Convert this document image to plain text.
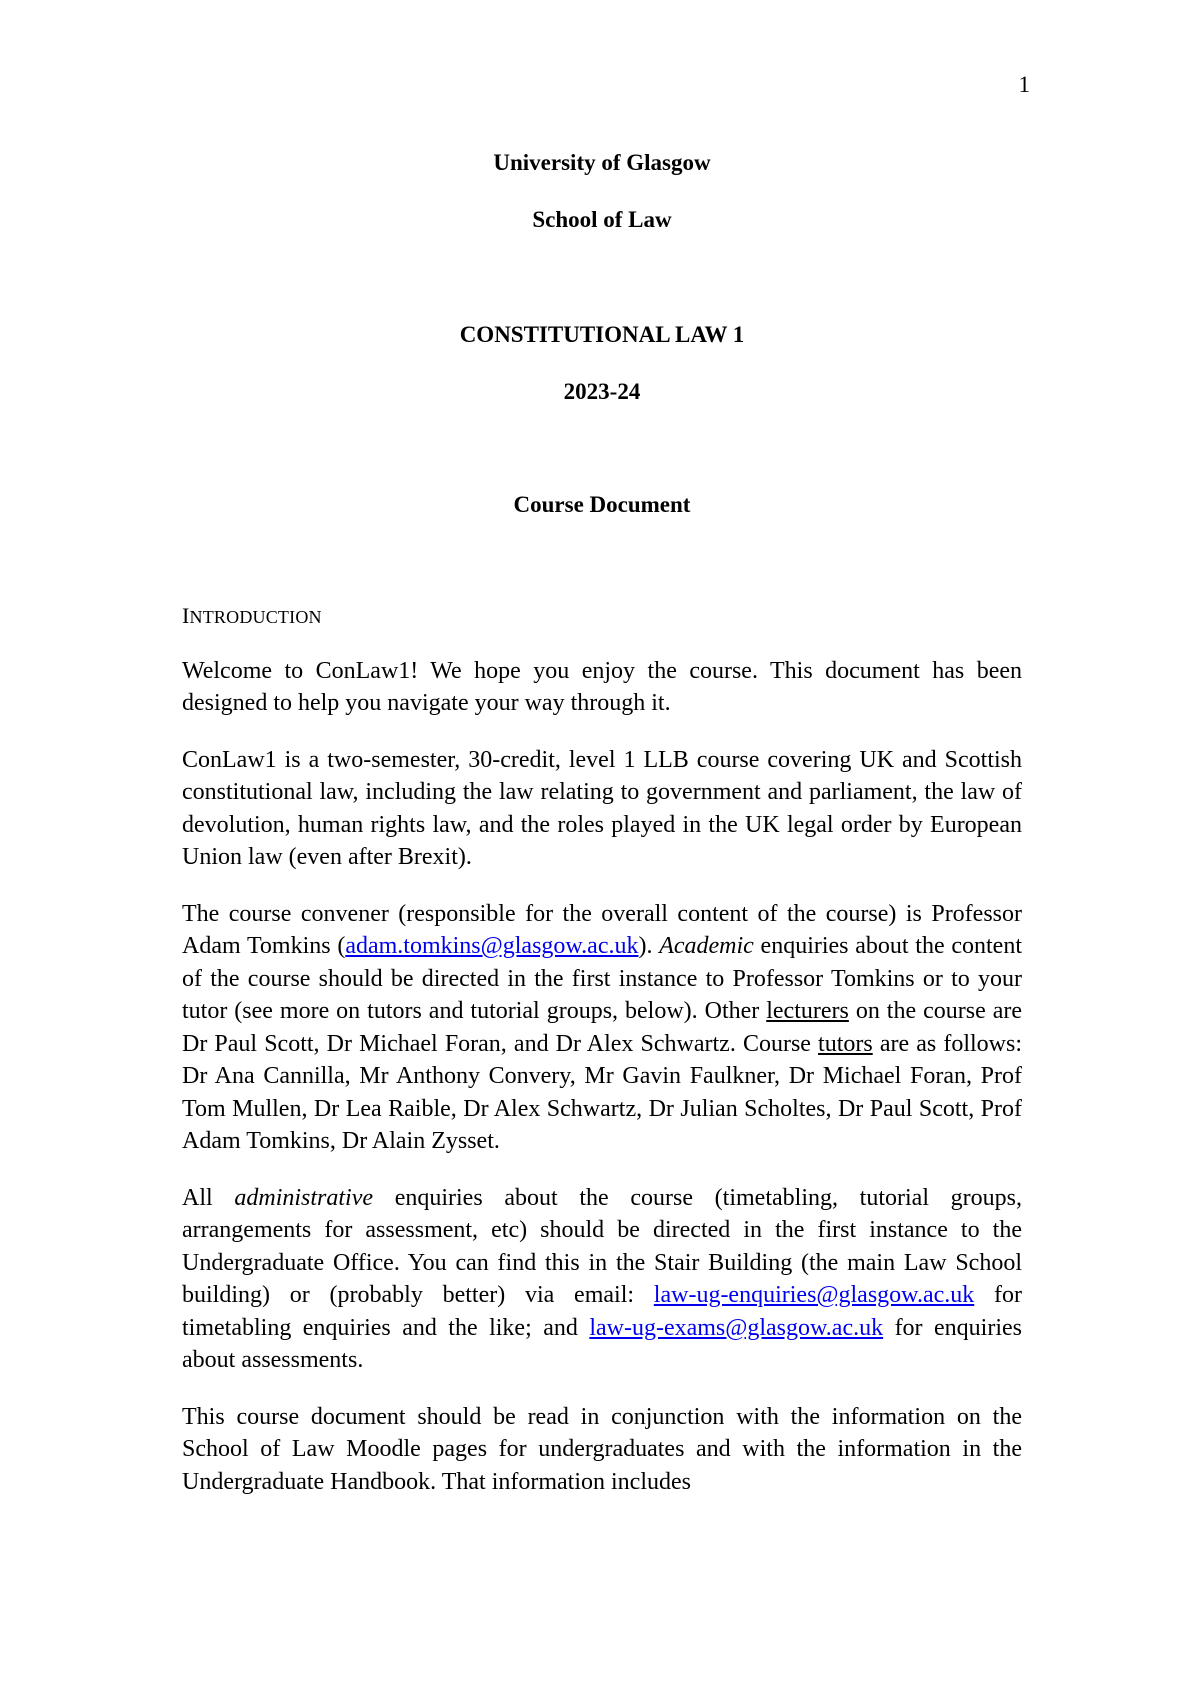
1
University of Glasgow
School of Law
CONSTITUTIONAL LAW 1
2023-24
Course Document
INTRODUCTION

Welcome to ConLaw1! We hope you enjoy the course. This document has been designed to help you navigate your way through it.

ConLaw1 is a two-semester, 30-credit, level 1 LLB course covering UK and Scottish constitutional law, including the law relating to government and parliament, the law of devolution, human rights law, and the roles played in the UK legal order by European Union law (even after Brexit).

The course convener (responsible for the overall content of the course) is Professor Adam Tomkins (adam.tomkins@glasgow.ac.uk). Academic enquiries about the content of the course should be directed in the first instance to Professor Tomkins or to your tutor (see more on tutors and tutorial groups, below). Other lecturers on the course are Dr Paul Scott, Dr Michael Foran, and Dr Alex Schwartz. Course tutors are as follows: Dr Ana Cannilla, Mr Anthony Convery, Mr Gavin Faulkner, Dr Michael Foran, Prof Tom Mullen, Dr Lea Raible, Dr Alex Schwartz, Dr Julian Scholtes, Dr Paul Scott, Prof Adam Tomkins, Dr Alain Zysset.

All administrative enquiries about the course (timetabling, tutorial groups, arrangements for assessment, etc) should be directed in the first instance to the Undergraduate Office. You can find this in the Stair Building (the main Law School building) or (probably better) via email: law-ug-enquiries@glasgow.ac.uk for timetabling enquiries and the like; and law-ug-exams@glasgow.ac.uk for enquiries about assessments.

This course document should be read in conjunction with the information on the School of Law Moodle pages for undergraduates and with the information in the Undergraduate Handbook. That information includes
